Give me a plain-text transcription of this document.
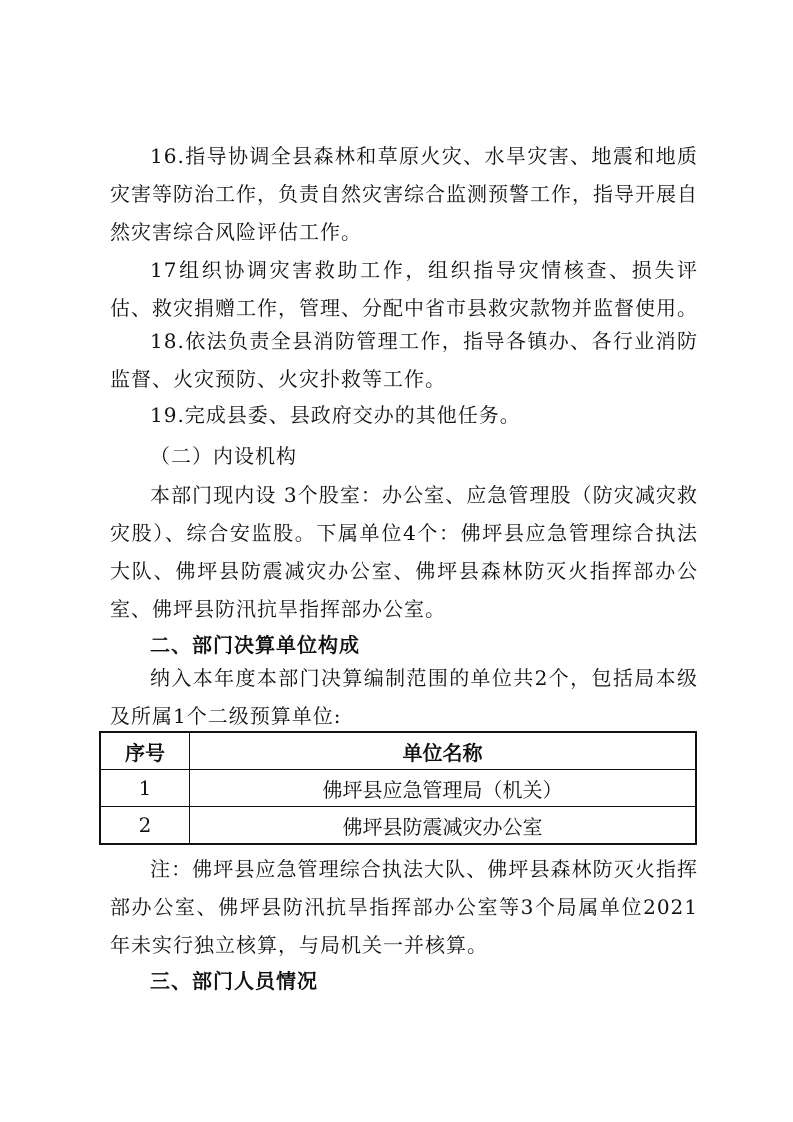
16.指导协调全县森林和草原火灾、水旱灾害、地震和地质灾害等防治工作，负责自然灾害综合监测预警工作，指导开展自然灾害综合风险评估工作。

17组织协调灾害救助工作，组织指导灾情核查、损失评估、救灾捐赠工作，管理、分配中省市县救灾款物并监督使用。

18.依法负责全县消防管理工作，指导各镇办、各行业消防监督、火灾预防、火灾扑救等工作。

19.完成县委、县政府交办的其他任务。

（二）内设机构

本部门现内设 3个股室：办公室、应急管理股（防灾减灾救灾股）、综合安监股。下属单位4个：佛坪县应急管理综合执法大队、佛坪县防震减灾办公室、佛坪县森林防灭火指挥部办公室、佛坪县防汛抗旱指挥部办公室。

二、部门决算单位构成

纳入本年度本部门决算编制范围的单位共2个，包括局本级及所属1个二级预算单位:

序号	单位名称
1	佛坪县应急管理局（机关）
2	佛坪县防震减灾办公室

注：佛坪县应急管理综合执法大队、佛坪县森林防灭火指挥部办公室、佛坪县防汛抗旱指挥部办公室等3个局属单位2021年未实行独立核算，与局机关一并核算。

三、部门人员情况
